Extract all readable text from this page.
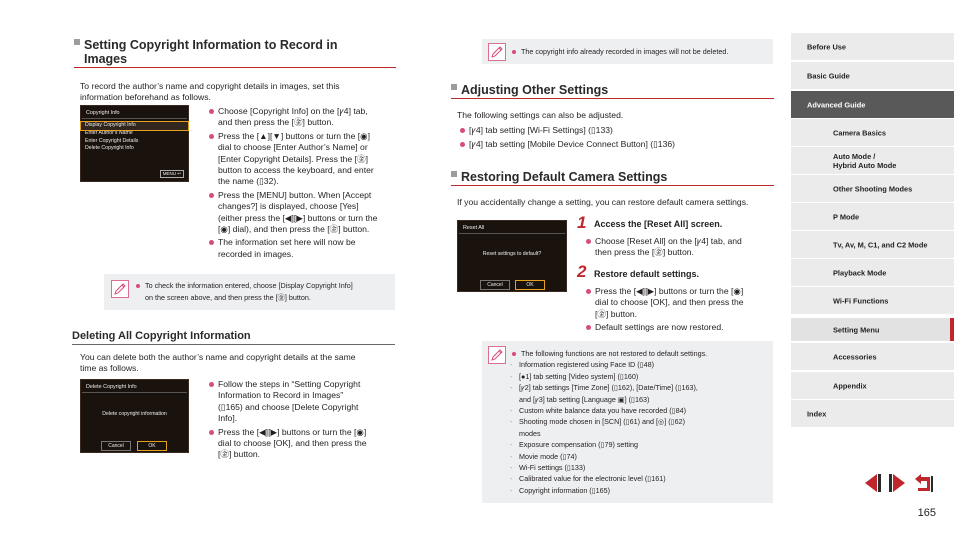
Setting Copyright Information to Record in
Images
To record the author’s name and copyright details in images, set this
information beforehand as follows.
Copyright Info
Display Copyright Info
Enter Author's Name
Enter Copyright Details
Delete Copyright Info
MENU ↩
Choose [Copyright Info] on the [ꝩ4] tab,
and then press the [㊎] button.
Press the [▲][▼] buttons or turn the [◉]
dial to choose [Enter Author’s Name] or
[Enter Copyright Details]. Press the [㊎]
button to access the keyboard, and enter
the name (▯32).
Press the [MENU] button. When [Accept
changes?] is displayed, choose [Yes]
(either press the [◀][▶] buttons or turn the
[◉] dial), and then press the [㊎] button.
The information set here will now be
recorded in images.
To check the information entered, choose [Display Copyright Info]
on the screen above, and then press the [㊎] button.
Deleting All Copyright Information
You can delete both the author’s name and copyright details at the same
time as follows.
Delete Copyright Info
Delete copyright information
Cancel	OK
Follow the steps in “Setting Copyright
Information to Record in Images”
(▯165) and choose [Delete Copyright
Info].
Press the [◀][▶] buttons or turn the [◉]
dial to choose [OK], and then press the
[㊎] button.
The copyright info already recorded in images will not be deleted.
Adjusting Other Settings
The following settings can also be adjusted.
[ꝩ4] tab setting [Wi-Fi Settings] (▯133)
[ꝩ4] tab setting [Mobile Device Connect Button] (▯136)
Restoring Default Camera Settings
If you accidentally change a setting, you can restore default camera settings.
Reset All
Reset settings to default?
Cancel	OK
1 Access the [Reset All] screen.
Choose [Reset All] on the [ꝩ4] tab, and
then press the [㊎] button.
2 Restore default settings.
Press the [◀][▶] buttons or turn the [◉]
dial to choose [OK], and then press the
[㊎] button.
Default settings are now restored.
The following functions are not restored to default settings.
- Information registered using Face ID (▯48)
- [●1] tab setting [Video system] (▯160)
- [ꝩ2] tab settings [Time Zone] (▯162), [Date/Time] (▯163),
and [ꝩ3] tab setting [Language ▣] (▯163)
- Custom white balance data you have recorded (▯84)
- Shooting mode chosen in [SCN] (▯61) and [◎] (▯62)
modes
- Exposure compensation (▯79) setting
- Movie mode (▯74)
- Wi-Fi settings (▯133)
- Calibrated value for the electronic level (▯161)
- Copyright information (▯165)
Before Use
Basic Guide
Advanced Guide
Camera Basics
Auto Mode /
Hybrid Auto Mode
Other Shooting Modes
P Mode
Tv, Av, M, C1, and C2 Mode
Playback Mode
Wi-Fi Functions
Setting Menu
Accessories
Appendix
Index
165
